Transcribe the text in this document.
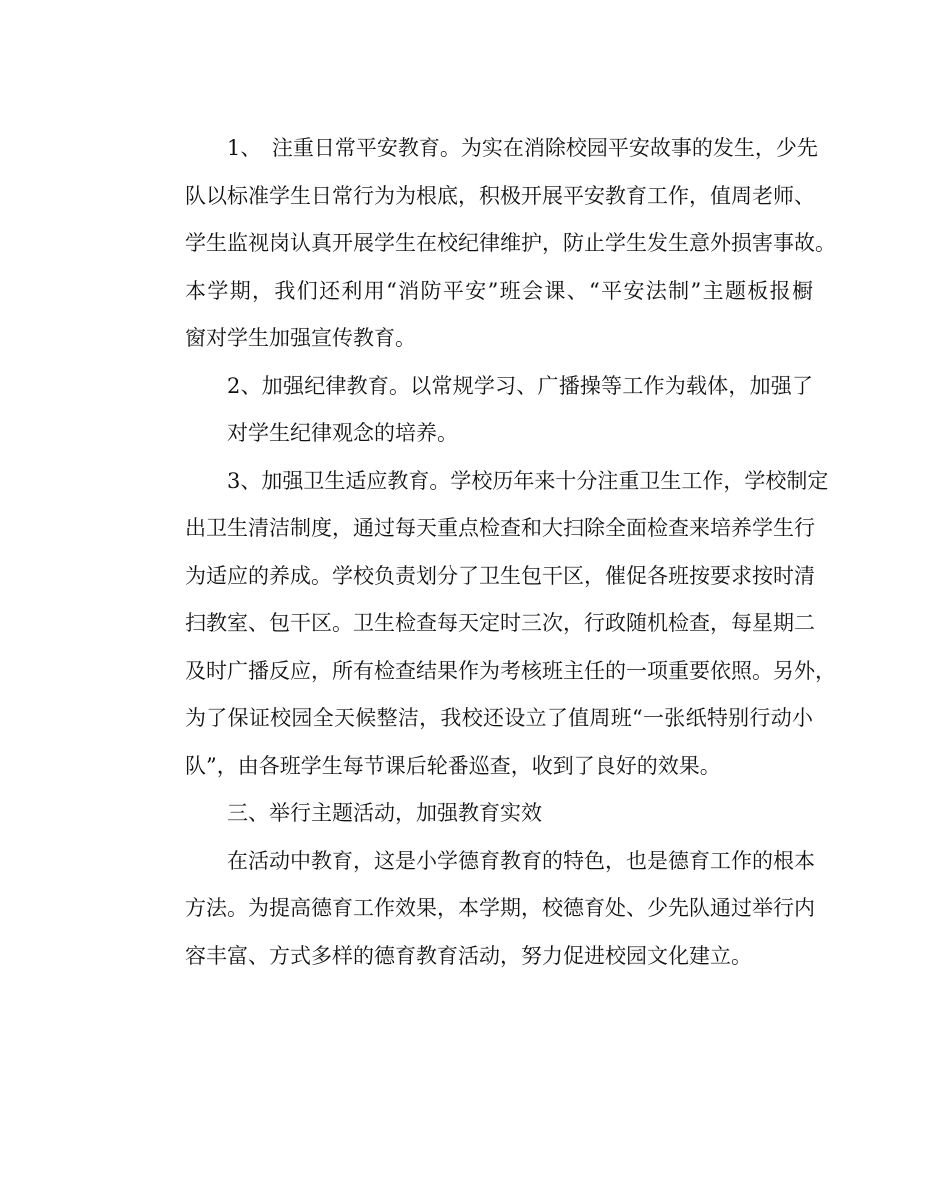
1、　注重日常平安教育。为实在消除校园平安故事的发生，少先
队以标准学生日常行为为根底，积极开展平安教育工作，值周老师、
学生监视岗认真开展学生在校纪律维护，防止学生发生意外损害事故。
本学期，我们还利用“消防平安”班会课、“平安法制”主题板报橱
窗对学生加强宣传教育。
2、加强纪律教育。以常规学习、广播操等工作为载体，加强了
对学生纪律观念的培养。
3、加强卫生适应教育。学校历年来十分注重卫生工作，学校制定
出卫生清洁制度，通过每天重点检查和大扫除全面检查来培养学生行
为适应的养成。学校负责划分了卫生包干区，催促各班按要求按时清
扫教室、包干区。卫生检查每天定时三次，行政随机检查，每星期二
及时广播反应，所有检查结果作为考核班主任的一项重要依照。另外，
为了保证校园全天候整洁，我校还设立了值周班“一张纸特别行动小
队”，由各班学生每节课后轮番巡查，收到了良好的效果。
三、举行主题活动，加强教育实效
在活动中教育，这是小学德育教育的特色，也是德育工作的根本
方法。为提高德育工作效果，本学期，校德育处、少先队通过举行内
容丰富、方式多样的德育教育活动，努力促进校园文化建立。
